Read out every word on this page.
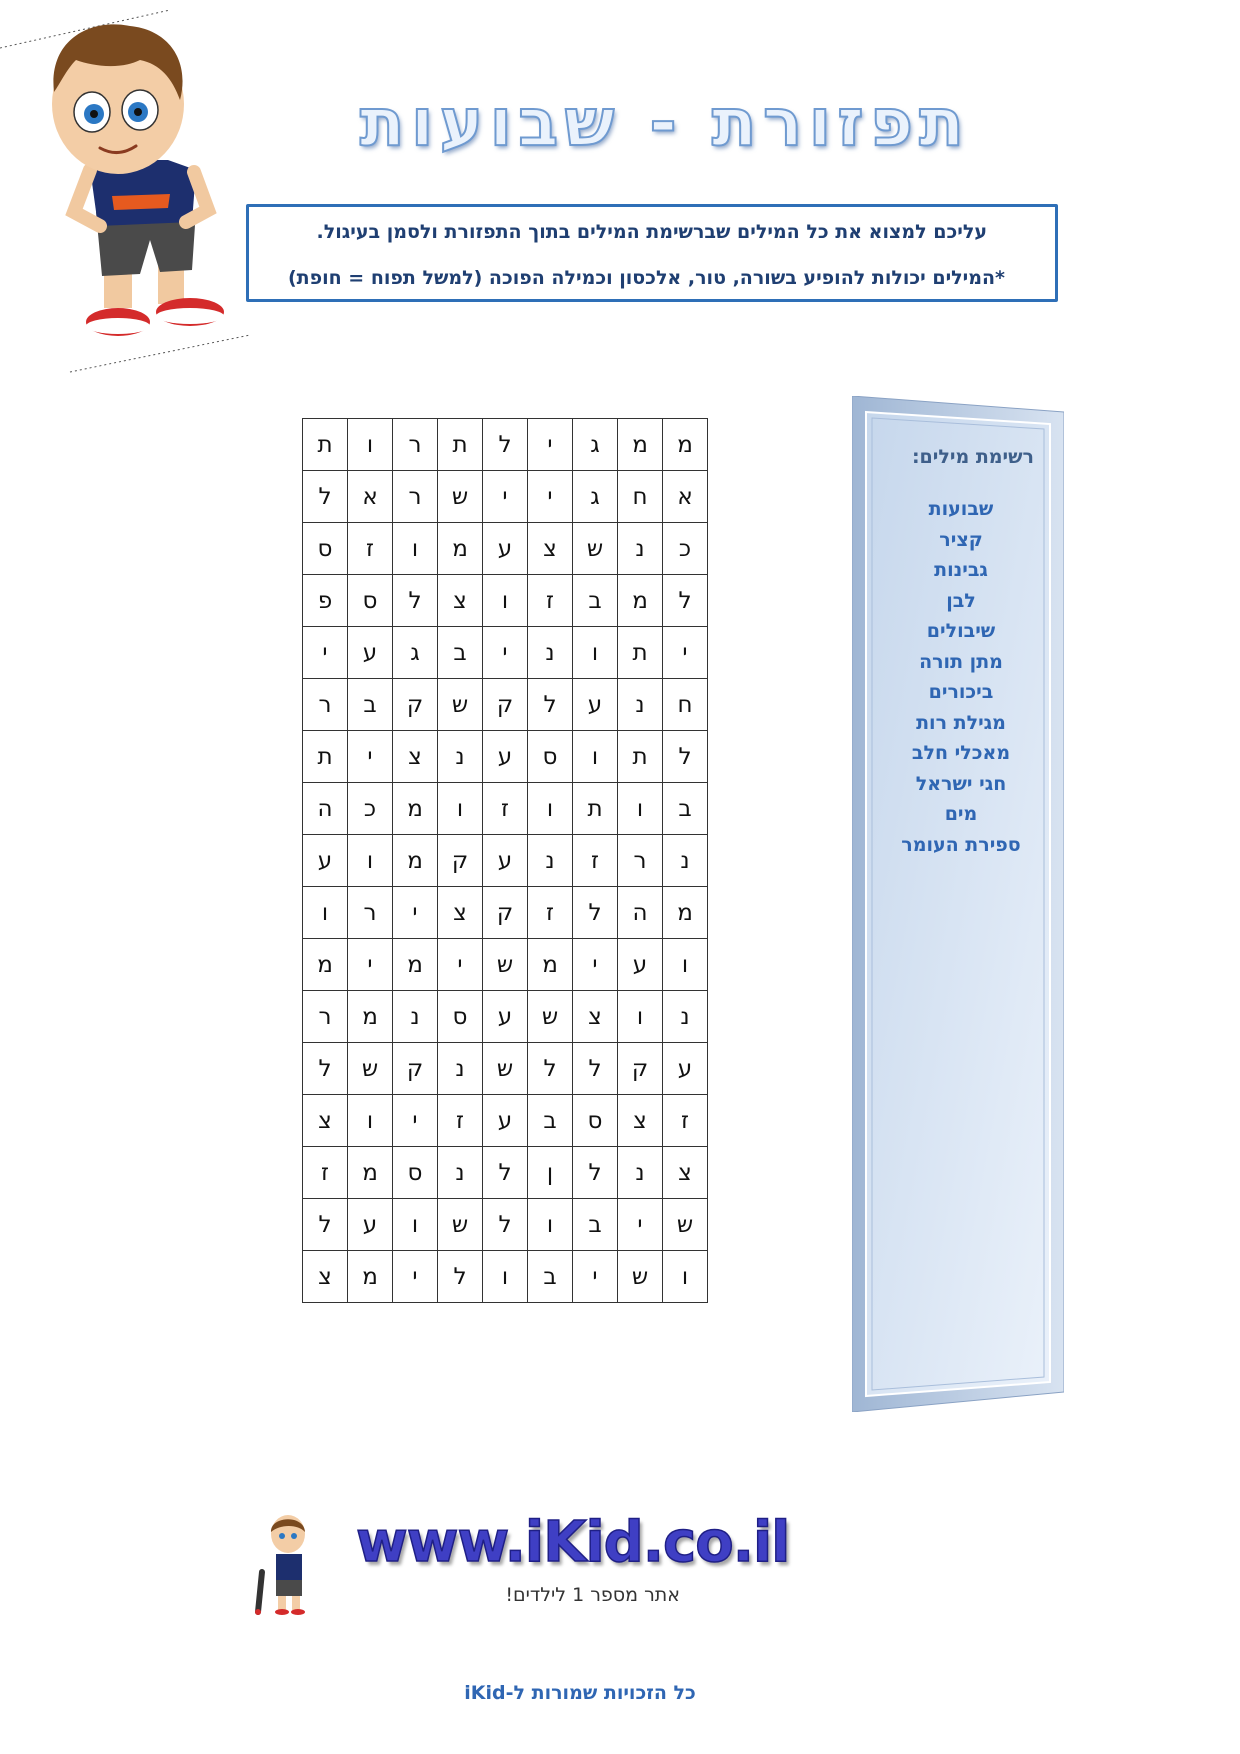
תפזורת - שבועות
עליכם למצוא את כל המילים שברשימת המילים בתוך התפזורת ולסמן בעיגול.
*המילים יכולות להופיע בשורה, טור, אלכסון וכמילה הפוכה (למשל תפוח = חופת)
מ	מ	ג	י	ל	ת	ר	ו	ת
א	ח	ג	י	י	ש	ר	א	ל
כ	נ	ש	צ	ע	מ	ו	ז	ס
ל	מ	ב	ז	ו	צ	ל	ס	פ
י	ת	ו	נ	י	ב	ג	ע	י
ח	נ	ע	ל	ק	ש	ק	ב	ר
ל	ת	ו	ס	ע	נ	צ	י	ת
ב	ו	ת	ו	ז	ו	מ	כ	ה
נ	ר	ז	נ	ע	ק	מ	ו	ע
מ	ה	ל	ז	ק	צ	י	ר	ו
ו	ע	י	מ	ש	י	מ	י	מ
נ	ו	צ	ש	ע	ס	נ	מ	ר
ע	ק	ל	ל	ש	נ	ק	ש	ל
ז	צ	ס	ב	ע	ז	י	ו	צ
צ	נ	ל	ן	ל	נ	ס	מ	ז
ש	י	ב	ו	ל	ש	ו	ע	ל
ו	ש	י	ב	ו	ל	י	מ	צ
רשימת מילים:
שבועות
קציר
גבינות
לבן
שיבולים
מתן תורה
ביכורים
מגילת רות
מאכלי חלב
חגי ישראל
מים
ספירת העומר
www.iKid.co.il
אתר מספר 1 לילדים!
כל הזכויות שמורות ל-iKid
